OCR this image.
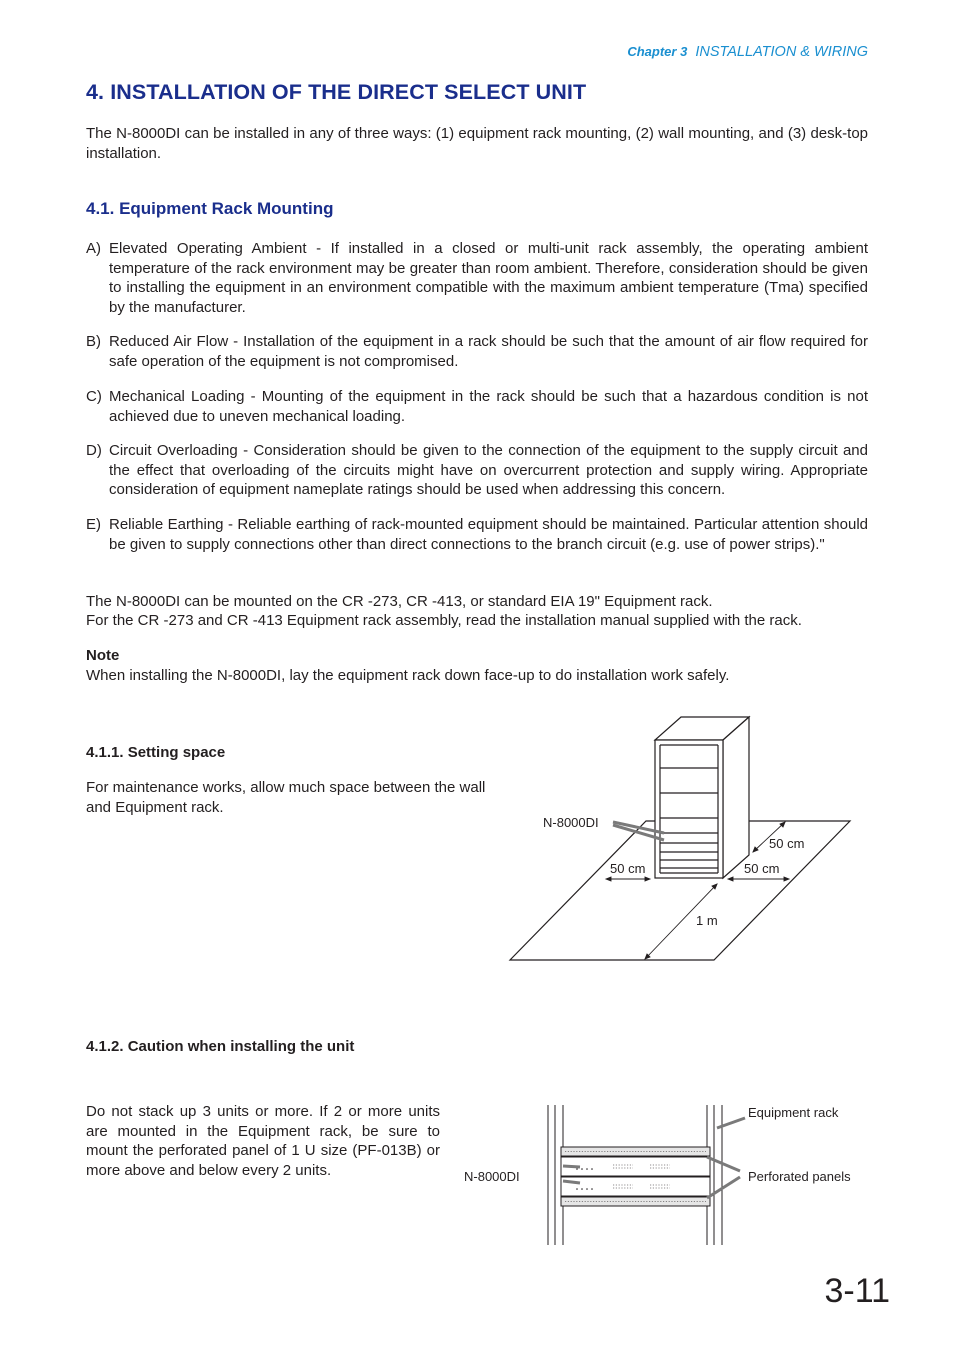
Chapter 3 INSTALLATION & WIRING
4. INSTALLATION OF THE DIRECT SELECT UNIT
The N-8000DI can be installed in any of three ways: (1) equipment rack mounting, (2) wall mounting, and (3) desk-top installation.
4.1. Equipment Rack Mounting
A) Elevated Operating Ambient - If installed in a closed or multi-unit rack assembly, the operating ambient temperature of the rack environment may be greater than room ambient. Therefore, consideration should be given to installing the equipment in an environment compatible with the maximum ambient temperature (Tma) specified by the manufacturer.
B) Reduced Air Flow - Installation of the equipment in a rack should be such that the amount of air flow required for safe operation of the equipment is not compromised.
C) Mechanical Loading - Mounting of the equipment in the rack should be such that a hazardous condition is not achieved due to uneven mechanical loading.
D) Circuit Overloading - Consideration should be given to the connection of the equipment to the supply circuit and the effect that overloading of the circuits might have on overcurrent protection and supply wiring. Appropriate consideration of equipment nameplate ratings should be used when addressing this concern.
E) Reliable Earthing - Reliable earthing of rack-mounted equipment should be maintained. Particular attention should be given to supply connections other than direct connections to the branch circuit (e.g. use of power strips)."
The N-8000DI can be mounted on the CR -273, CR -413, or standard EIA 19" Equipment rack.
For the CR -273 and CR -413 Equipment rack assembly, read the installation manual supplied with the rack.
Note
When installing the N-8000DI, lay the equipment rack down face-up to do installation work safely.
4.1.1. Setting space
For maintenance works, allow much space between the wall and Equipment rack.
N-8000DI
50 cm
50 cm	50 cm
1 m
4.1.2. Caution when installing the unit
Do not stack up 3 units or more. If 2 or more units are mounted in the Equipment rack, be sure to mount the perforated panel of 1 U size (PF-013B) or more above and below every 2 units.
Equipment rack
Perforated panels
N-8000DI
3-11
